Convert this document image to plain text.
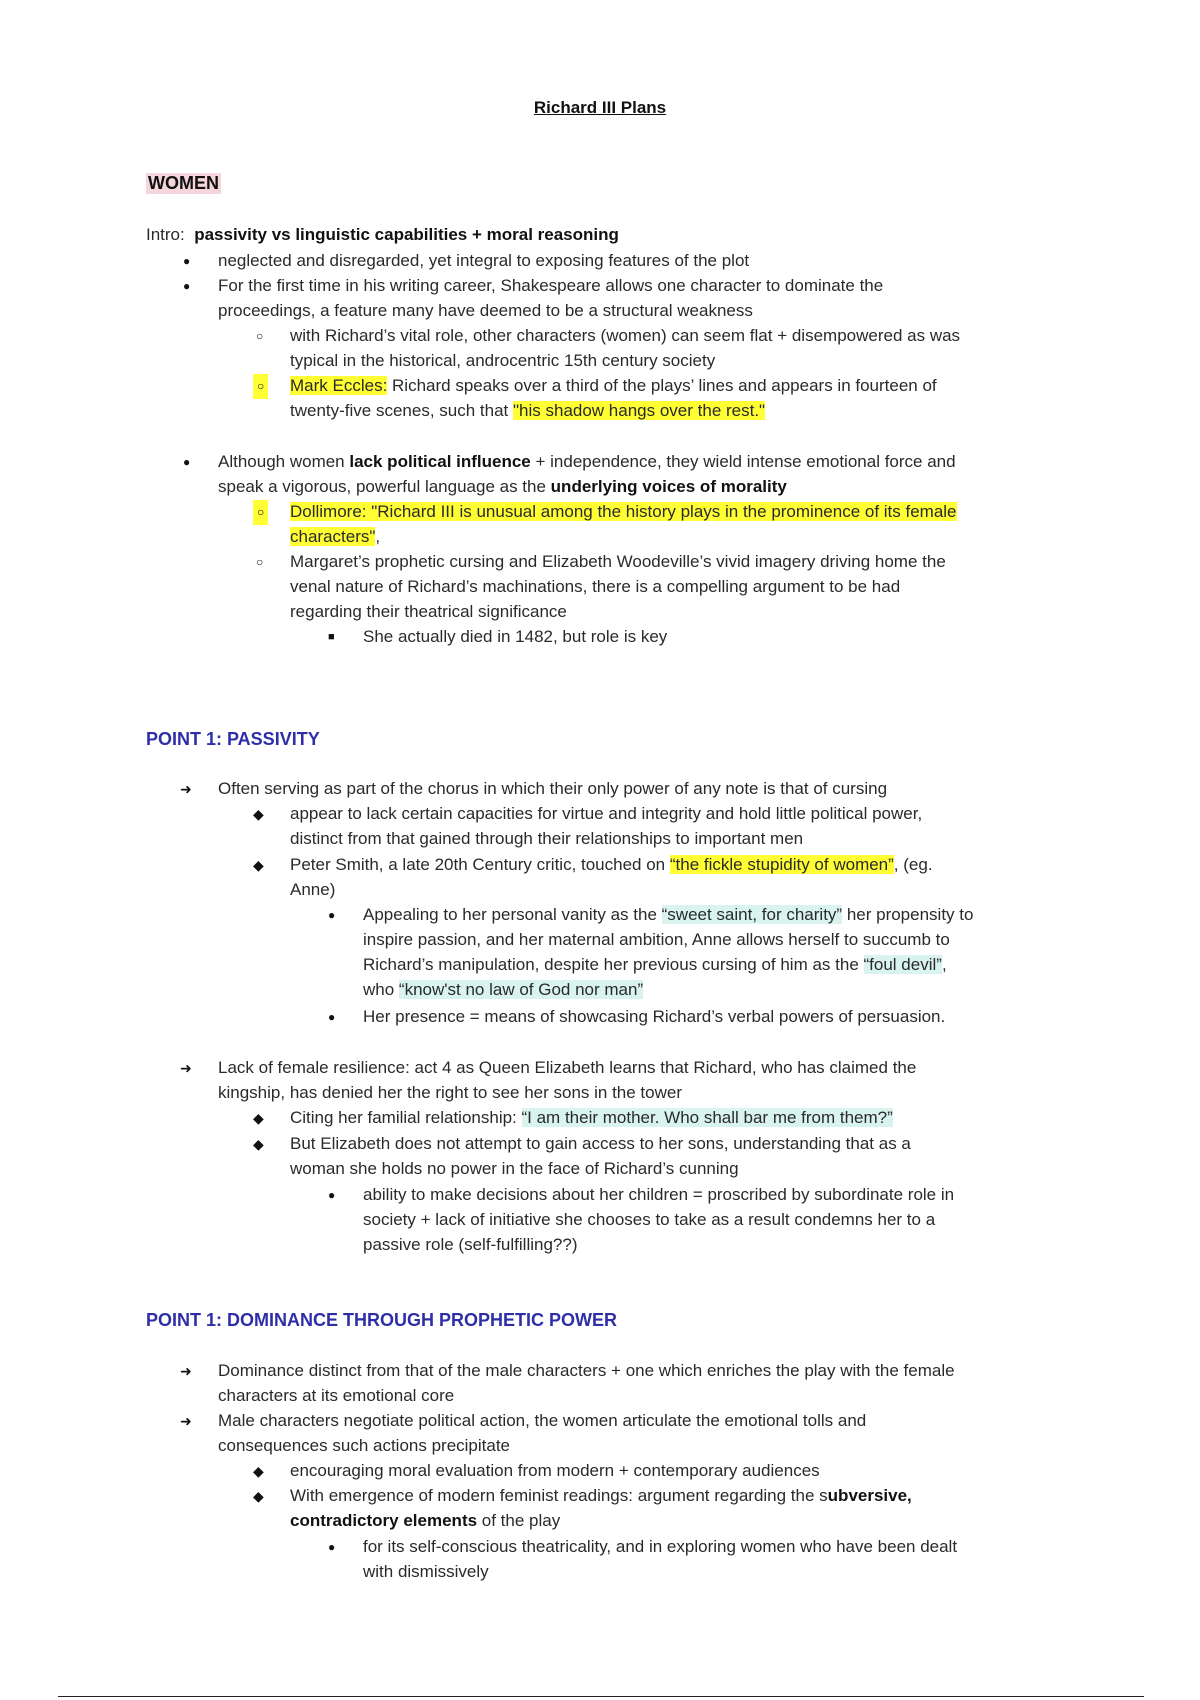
Richard III Plans
WOMEN
Intro: passivity vs linguistic capabilities + moral reasoning
● neglected and disregarded, yet integral to exposing features of the plot
● For the first time in his writing career, Shakespeare allows one character to dominate the
proceedings, a feature many have deemed to be a structural weakness
○ with Richard’s vital role, other characters (women) can seem flat + disempowered as was
typical in the historical, androcentric 15th century society
○ Mark Eccles: Richard speaks over a third of the plays’ lines and appears in fourteen of
twenty-five scenes, such that "his shadow hangs over the rest."
● Although women lack political influence + independence, they wield intense emotional force and
speak a vigorous, powerful language as the underlying voices of morality
○ Dollimore: "Richard III is unusual among the history plays in the prominence of its female
characters",
○ Margaret’s prophetic cursing and Elizabeth Woodeville’s vivid imagery driving home the
venal nature of Richard’s machinations, there is a compelling argument to be had
regarding their theatrical significance
■ She actually died in 1482, but role is key
POINT 1: PASSIVITY
➜ Often serving as part of the chorus in which their only power of any note is that of cursing
◆ appear to lack certain capacities for virtue and integrity and hold little political power,
distinct from that gained through their relationships to important men
◆ Peter Smith, a late 20th Century critic, touched on “the fickle stupidity of women”, (eg.
Anne)
● Appealing to her personal vanity as the “sweet saint, for charity” her propensity to
inspire passion, and her maternal ambition, Anne allows herself to succumb to
Richard’s manipulation, despite her previous cursing of him as the “foul devil”,
who “know'st no law of God nor man”
● Her presence = means of showcasing Richard’s verbal powers of persuasion.
➜ Lack of female resilience: act 4 as Queen Elizabeth learns that Richard, who has claimed the
kingship, has denied her the right to see her sons in the tower
◆ Citing her familial relationship: “I am their mother. Who shall bar me from them?”
◆ But Elizabeth does not attempt to gain access to her sons, understanding that as a
woman she holds no power in the face of Richard’s cunning
● ability to make decisions about her children = proscribed by subordinate role in
society + lack of initiative she chooses to take as a result condemns her to a
passive role (self-fulfilling??)
POINT 1: DOMINANCE THROUGH PROPHETIC POWER
➜ Dominance distinct from that of the male characters + one which enriches the play with the female
characters at its emotional core
➜ Male characters negotiate political action, the women articulate the emotional tolls and
consequences such actions precipitate
◆ encouraging moral evaluation from modern + contemporary audiences
◆ With emergence of modern feminist readings: argument regarding the subversive,
contradictory elements of the play
● for its self-conscious theatricality, and in exploring women who have been dealt
with dismissively
